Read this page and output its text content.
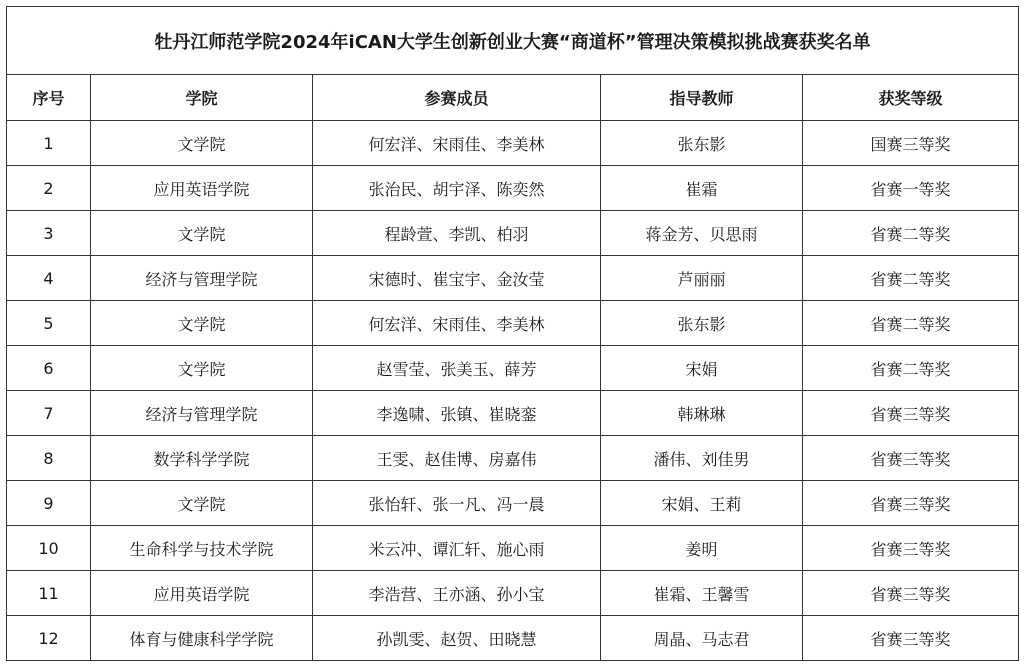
牡丹江师范学院2024年iCAN大学生创新创业大赛“商道杯”管理决策模拟挑战赛获奖名单				
序号	学院	参赛成员	指导教师	获奖等级
1	文学院	何宏洋、宋雨佳、李美林	张东影	国赛三等奖
2	应用英语学院	张治民、胡宇泽、陈奕然	崔霜	省赛一等奖
3	文学院	程龄萱、李凯、柏羽	蒋金芳、贝思雨	省赛二等奖
4	经济与管理学院	宋德时、崔宝宇、金汝莹	芦丽丽	省赛二等奖
5	文学院	何宏洋、宋雨佳、李美林	张东影	省赛二等奖
6	文学院	赵雪莹、张美玉、薛芳	宋娟	省赛二等奖
7	经济与管理学院	李逸啸、张镇、崔晓銮	韩琳琳	省赛三等奖
8	数学科学学院	王雯、赵佳博、房嘉伟	潘伟、刘佳男	省赛三等奖
9	文学院	张怡轩、张一凡、冯一晨	宋娟、王莉	省赛三等奖
10	生命科学与技术学院	米云冲、谭汇轩、施心雨	姜明	省赛三等奖
11	应用英语学院	李浩营、王亦涵、孙小宝	崔霜、王馨雪	省赛三等奖
12	体育与健康科学学院	孙凯雯、赵贺、田晓慧	周晶、马志君	省赛三等奖
